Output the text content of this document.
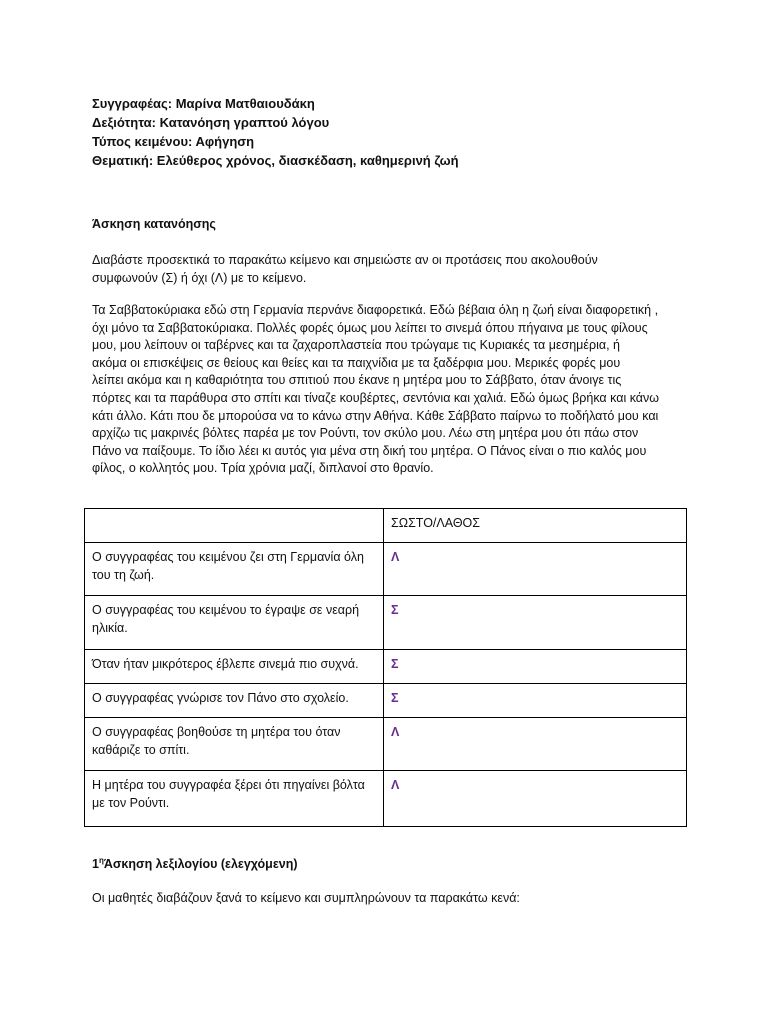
Συγγραφέας: Μαρίνα Ματθαιουδάκη
Δεξιότητα: Κατανόηση γραπτού λόγου
Τύπος κειμένου: Αφήγηση
Θεματική: Ελεύθερος χρόνος, διασκέδαση, καθημερινή ζωή
Άσκηση κατανόησης
Διαβάστε προσεκτικά το παρακάτω κείμενο και σημειώστε αν οι προτάσεις που ακολουθούν
συμφωνούν (Σ) ή όχι (Λ) με το κείμενο.
Τα Σαββατοκύριακα εδώ στη Γερμανία περνάνε διαφορετικά. Εδώ βέβαια όλη η ζωή είναι διαφορετική ,
όχι μόνο τα Σαββατοκύριακα. Πολλές φορές όμως μου λείπει το σινεμά όπου πήγαινα με τους φίλους
μου, μου λείπουν οι ταβέρνες και τα ζαχαροπλαστεία που τρώγαμε τις Κυριακές τα μεσημέρια, ή
ακόμα οι επισκέψεις σε θείους και θείες και τα παιχνίδια με τα ξαδέρφια μου. Μερικές φορές μου
λείπει ακόμα και η καθαριότητα του σπιτιού που έκανε η μητέρα μου το Σάββατο, όταν άνοιγε τις
πόρτες και τα παράθυρα στο σπίτι και τίναζε κουβέρτες, σεντόνια και χαλιά. Εδώ όμως βρήκα και κάνω
κάτι άλλο. Κάτι που δε μπορούσα να το κάνω στην Αθήνα. Κάθε Σάββατο παίρνω το ποδήλατό μου και
αρχίζω τις μακρινές βόλτες παρέα με τον Ρούντι, τον σκύλο μου. Λέω στη μητέρα μου ότι πάω στον
Πάνο να παίξουμε. Το ίδιο λέει κι αυτός για μένα στη δική του μητέρα. Ο Πάνος είναι ο πιο καλός μου
φίλος, ο κολλητός μου. Τρία χρόνια μαζί, διπλανοί στο θρανίο.
	ΣΩΣΤΟ/ΛΑΘΟΣ
Ο συγγραφέας του κειμένου ζει στη Γερμανία όλη
του τη ζωή.	Λ
Ο συγγραφέας του κειμένου το έγραψε σε νεαρή
ηλικία.	Σ
Όταν ήταν μικρότερος έβλεπε σινεμά πιο συχνά.	Σ
Ο συγγραφέας γνώρισε τον Πάνο στο σχολείο.	Σ
Ο συγγραφέας βοηθούσε τη μητέρα του όταν
καθάριζε το σπίτι.	Λ
Η μητέρα του συγγραφέα ξέρει ότι πηγαίνει βόλτα
με τον Ρούντι.	Λ
$1^\eta Ά\sigma\kappa\eta\sigma\eta$ λεξιλογίου (ελεγχόμενη)
Οι μαθητές διαβάζουν ξανά το κείμενο και συμπληρώνουν τα παρακάτω κενά:
